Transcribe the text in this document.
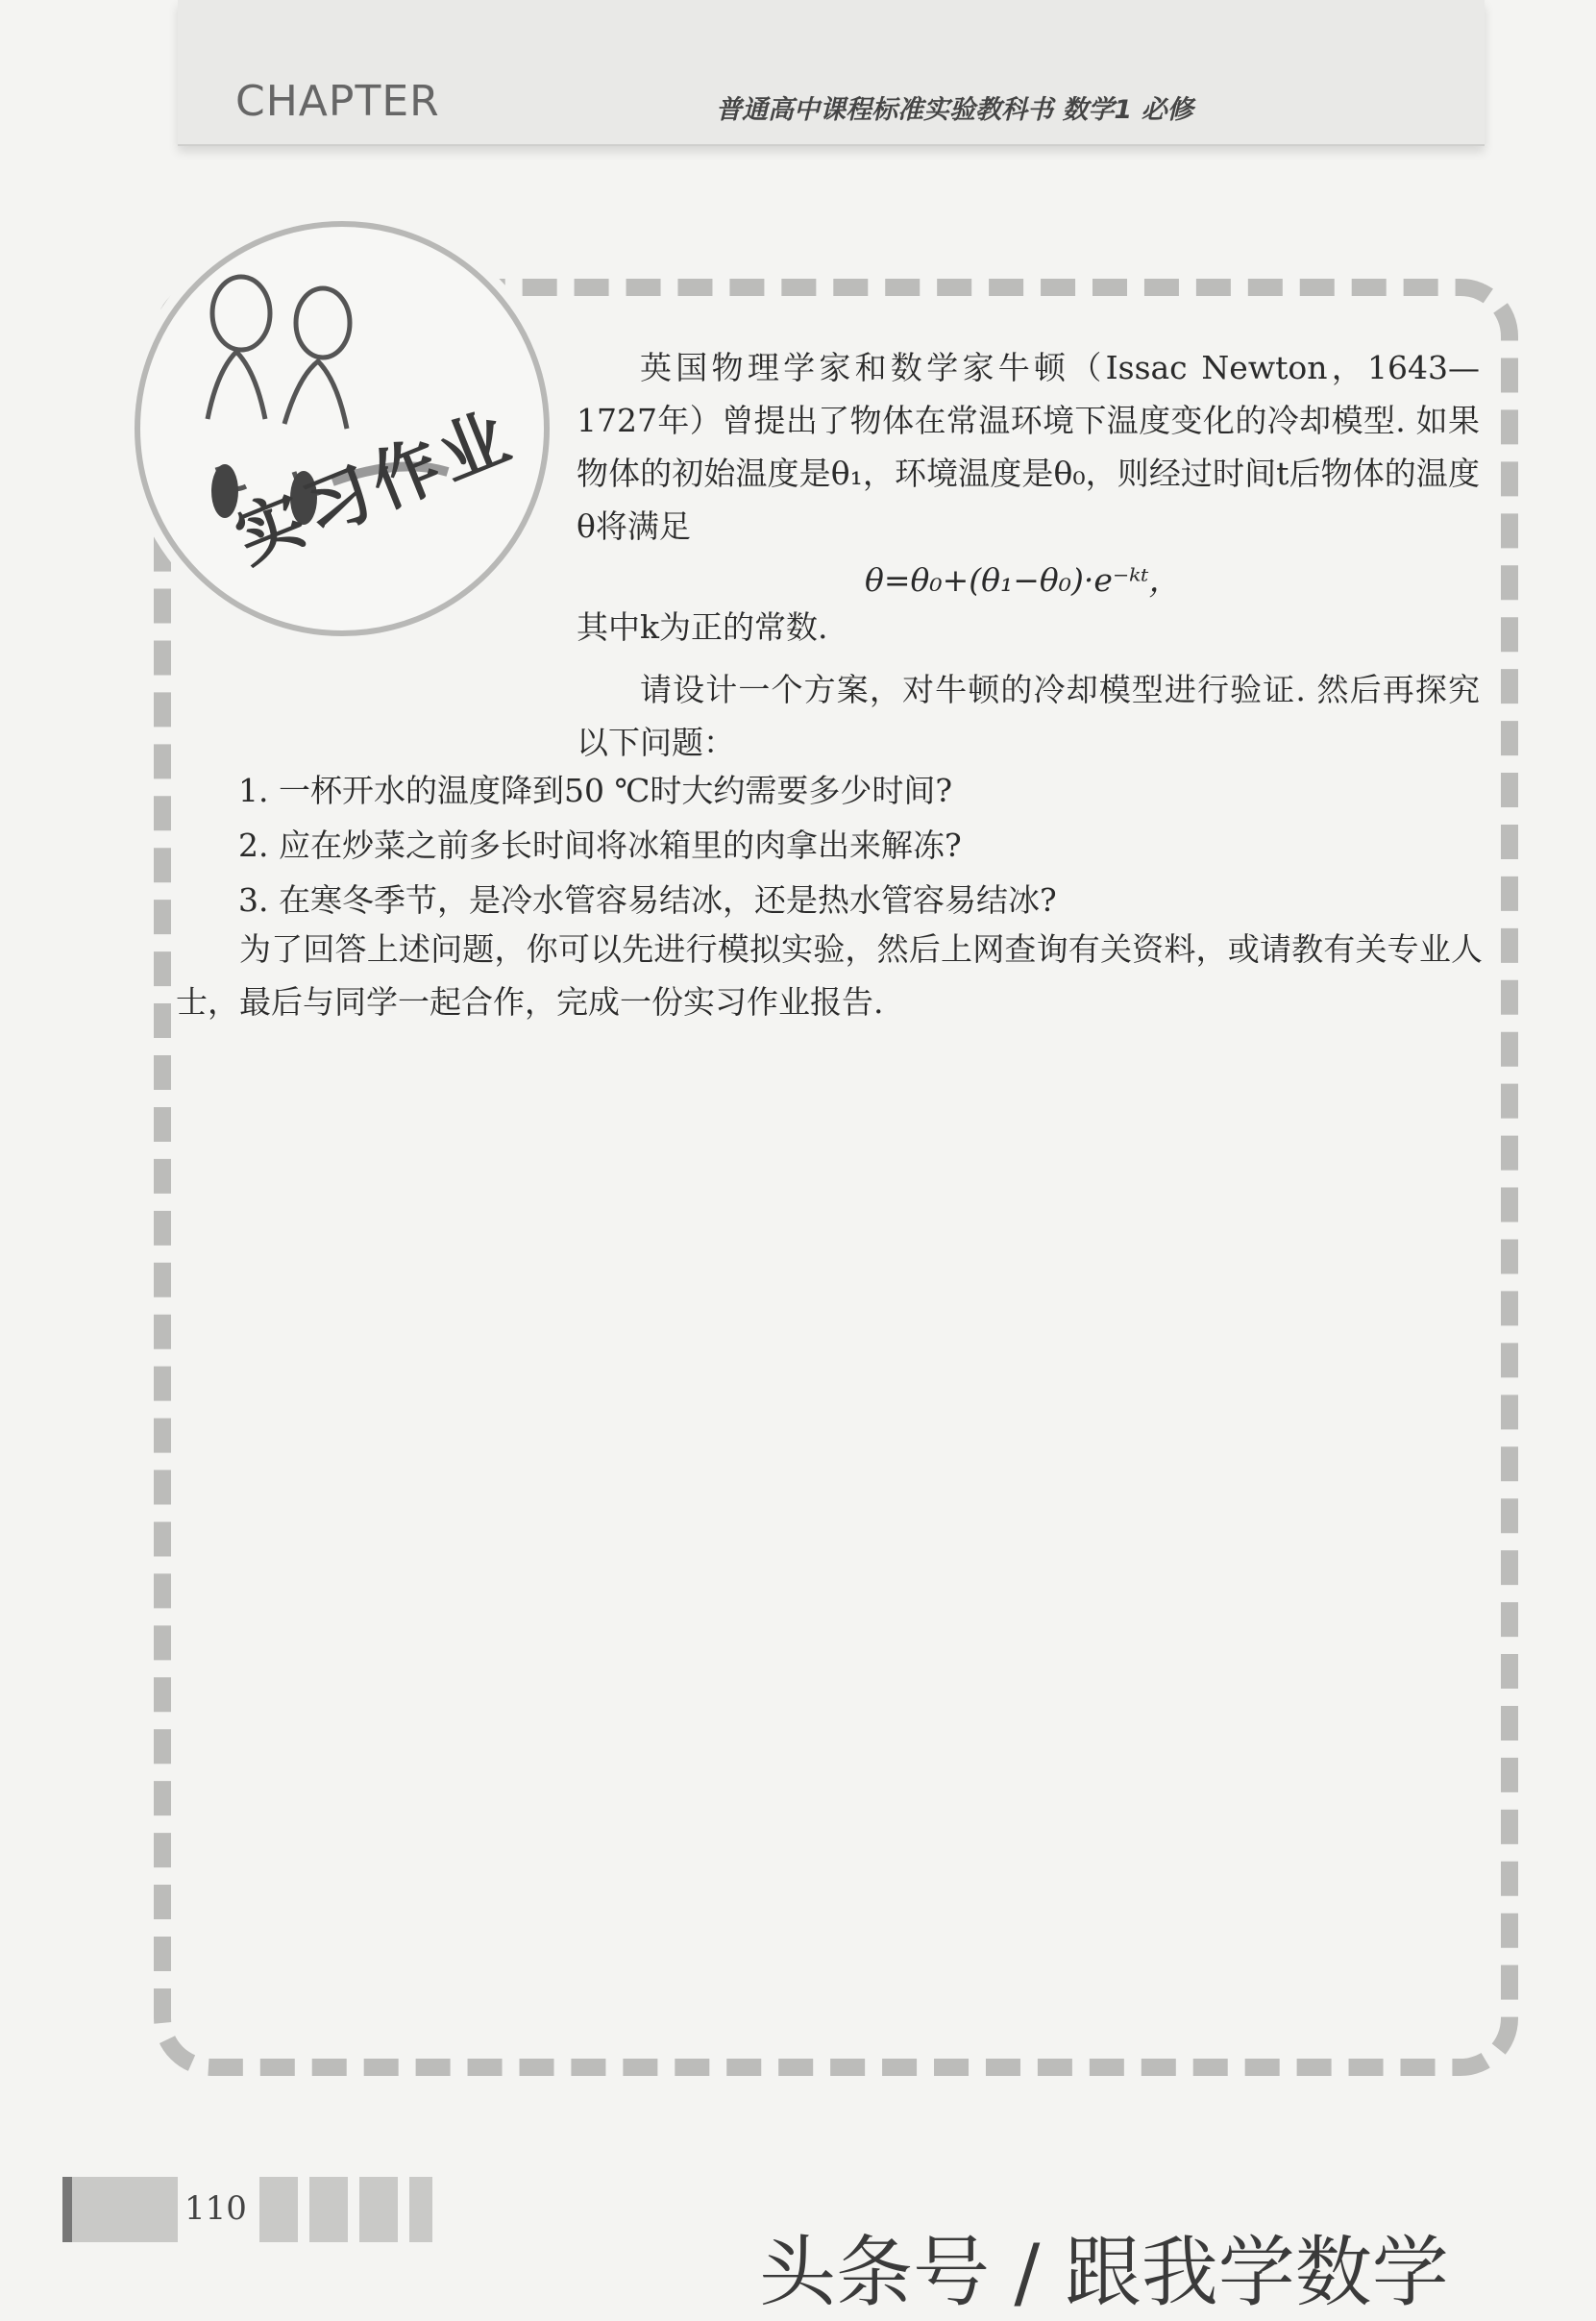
CHAPTER	普通高中课程标准实验教科书 数学1 必修
实习作业
英国物理学家和数学家牛顿（Issac Newton，1643—1727年）曾提出了物体在常温环境下温度变化的冷却模型. 如果物体的初始温度是θ₁，环境温度是θ₀，则经过时间t后物体的温度θ将满足
θ=θ₀+(θ₁−θ₀)·e⁻ᵏᵗ，
其中k为正的常数.
请设计一个方案，对牛顿的冷却模型进行验证. 然后再探究以下问题：
1. 一杯开水的温度降到50 ℃时大约需要多少时间?
2. 应在炒菜之前多长时间将冰箱里的肉拿出来解冻?
3. 在寒冬季节，是冷水管容易结冰，还是热水管容易结冰?
为了回答上述问题，你可以先进行模拟实验，然后上网查询有关资料，或请教有关专业人士，最后与同学一起合作，完成一份实习作业报告.
110
头条号 / 跟我学数学
